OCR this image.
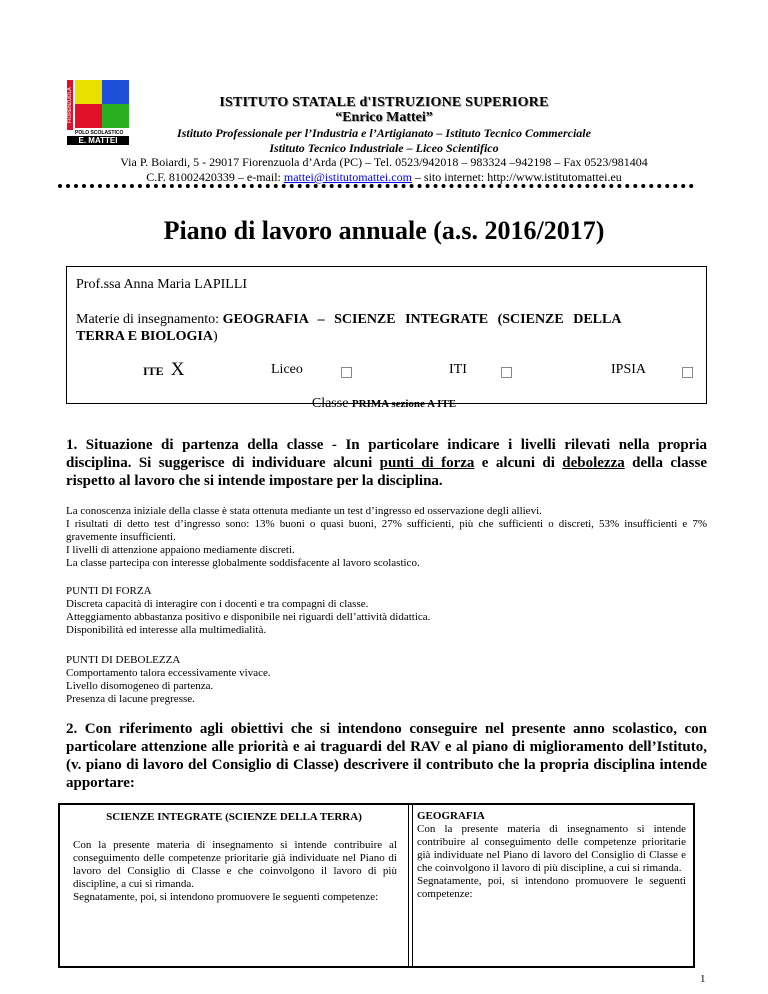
FIORENZUOLA
POLO SCOLASTICO
E. MATTEI
ISTITUTO STATALE d'ISTRUZIONE SUPERIORE
“Enrico Mattei”
Istituto Professionale per l’Industria e l’Artigianato – Istituto Tecnico Commerciale
Istituto Tecnico Industriale – Liceo Scientifico
Via P. Boiardi, 5 - 29017 Fiorenzuola d’Arda (PC) – Tel. 0523/942018 – 983324 –942198 – Fax 0523/981404
C.F. 81002420339 – e-mail: mattei@istitutomattei.com – sito internet: http://www.istitutomattei.eu
Piano di lavoro annuale (a.s. 2016/2017)
Prof.ssa Anna Maria LAPILLI
Materie di insegnamento: GEOGRAFIA – SCIENZE INTEGRATE (SCIENZE DELLA
TERRA E BIOLOGIA)
ITE X	Liceo	□	ITI □	IPSIA □
Classe PRIMA sezione A ITE
1. Situazione di partenza della classe - In particolare indicare i livelli rilevati nella propria disciplina. Si suggerisce di individuare alcuni punti di forza e alcuni di debolezza della classe rispetto al lavoro che si intende impostare per la disciplina.
La conoscenza iniziale della classe è stata ottenuta mediante un test d’ingresso ed osservazione degli allievi.
I risultati di detto test d’ingresso sono: 13% buoni o quasi buoni, 27% sufficienti, più che sufficienti o discreti, 53% insufficienti e 7% gravemente insufficienti.
I livelli di attenzione appaiono mediamente discreti.
La classe partecipa con interesse globalmente soddisfacente al lavoro scolastico.
PUNTI DI FORZA
Discreta capacità di interagire con i docenti e tra compagni di classe.
Atteggiamento abbastanza positivo e disponibile nei riguardi dell’attività didattica.
Disponibilità ed interesse alla multimedialità.
PUNTI DI DEBOLEZZA
Comportamento talora eccessivamente vivace.
Livello disomogeneo di partenza.
Presenza di lacune pregresse.
2. Con riferimento agli obiettivi che si intendono conseguire nel presente anno scolastico, con particolare attenzione alle priorità e ai traguardi del RAV e al piano di miglioramento dell’Istituto, (v. piano di lavoro del Consiglio di Classe) descrivere il contributo che la propria disciplina intende apportare:
SCIENZE INTEGRATE (SCIENZE DELLA TERRA)
Con la presente materia di insegnamento si intende contribuire al conseguimento delle competenze prioritarie già individuate nel Piano di lavoro del Consiglio di Classe e che coinvolgono il lavoro di più discipline, a cui si rimanda.
Segnatamente, poi, si intendono promuovere le seguenti competenze:
GEOGRAFIA
Con la presente materia di insegnamento si intende contribuire al conseguimento delle competenze prioritarie già individuate nel Piano di lavoro del Consiglio di Classe e che coinvolgono il lavoro di più discipline, a cui si rimanda.
Segnatamente, poi, si intendono promuovere le seguenti competenze:
1
